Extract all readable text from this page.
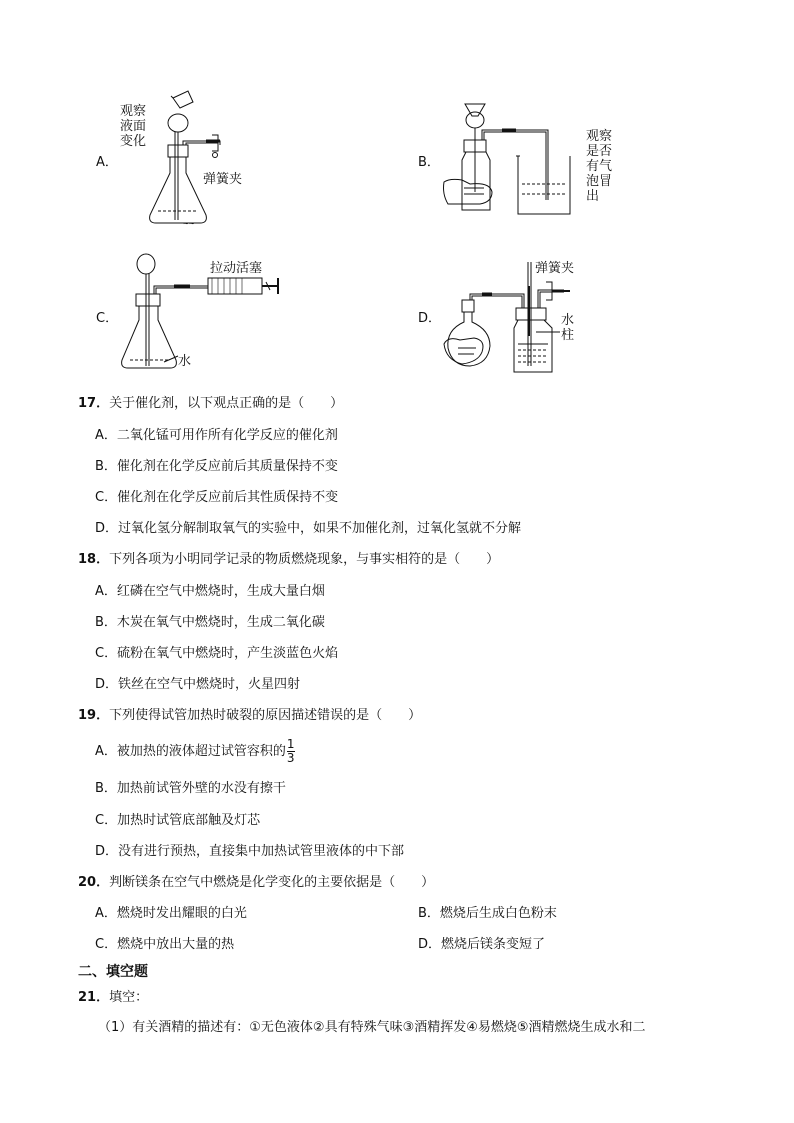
A．
观察
液面
变化
弹簧夹
~~
B．
观察
是否
有气
泡冒
出
C．
拉动活塞
水
D．
弹簧夹
水
柱
17．关于催化剂，以下观点正确的是（　　）
A．二氧化锰可用作所有化学反应的催化剂
B．催化剂在化学反应前后其质量保持不变
C．催化剂在化学反应前后其性质保持不变
D．过氧化氢分解制取氧气的实验中，如果不加催化剂，过氧化氢就不分解
18．下列各项为小明同学记录的物质燃烧现象，与事实相符的是（　　）
A．红磷在空气中燃烧时，生成大量白烟
B．木炭在氧气中燃烧时，生成二氧化碳
C．硫粉在氧气中燃烧时，产生淡蓝色火焰
D．铁丝在空气中燃烧时，火星四射
19．下列使得试管加热时破裂的原因描述错误的是（　　）
A．被加热的液体超过试管容积的 $\frac{1}{3}$
B．加热前试管外壁的水没有擦干
C．加热时试管底部触及灯芯
D．没有进行预热，直接集中加热试管里液体的中下部
20．判断镁条在空气中燃烧是化学变化的主要依据是（　　）
A．燃烧时发出耀眼的白光	B．燃烧后生成白色粉末
C．燃烧中放出大量的热	D．燃烧后镁条变短了
二、填空题
21．填空：
（1）有关酒精的描述有：①无色液体②具有特殊气味③酒精挥发④易燃烧⑤酒精燃烧生成水和二
